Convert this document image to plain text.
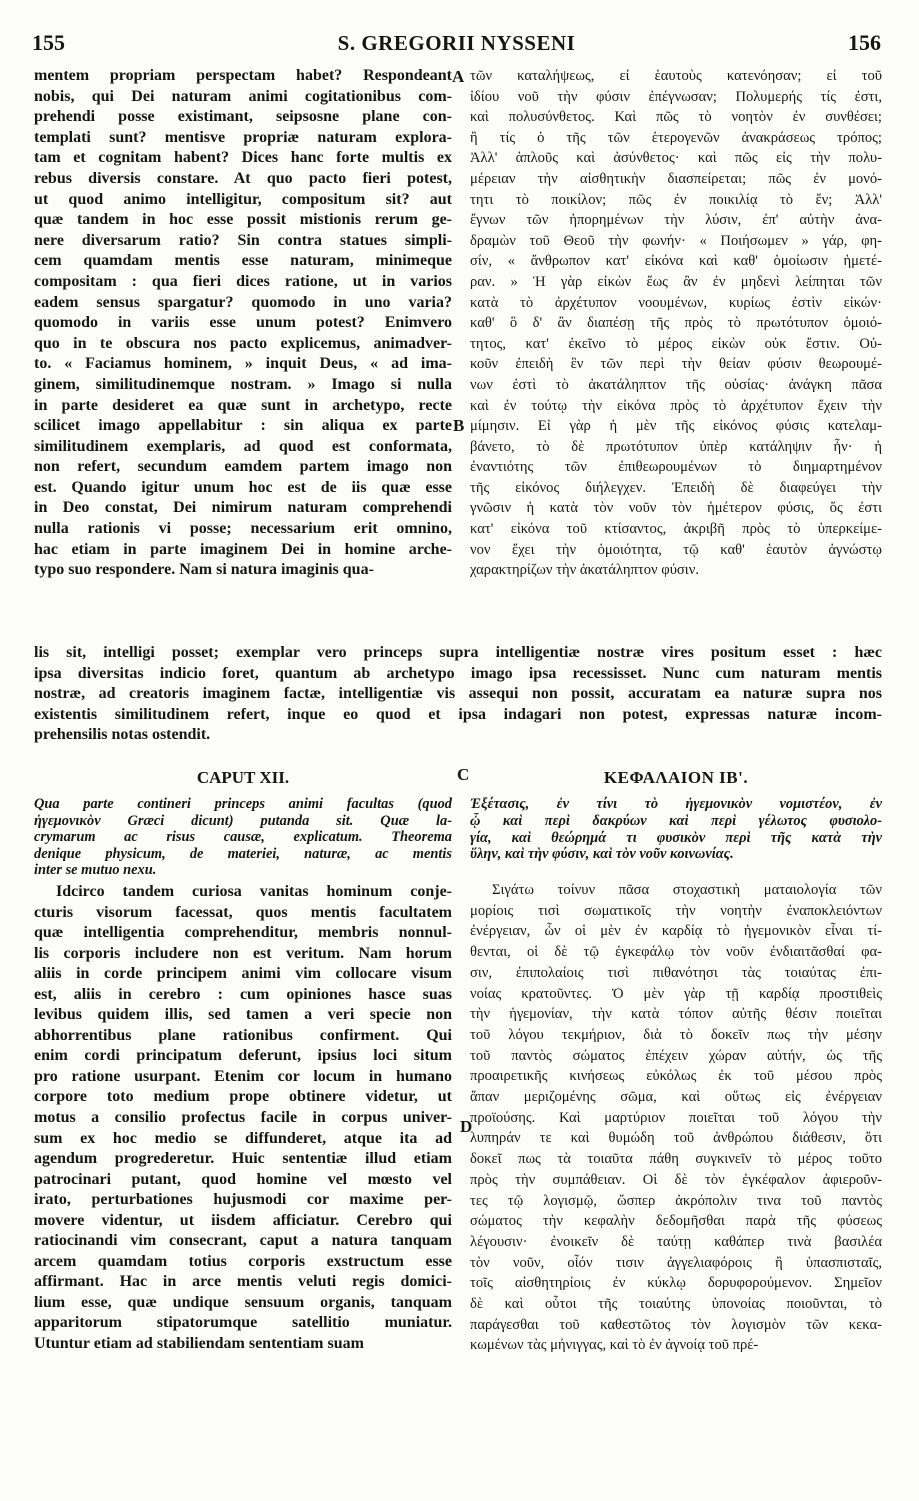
155	S. GREGORII NYSSENI	156
A
B
C
D
mentem propriam perspectam habet? Respondeant
nobis, qui Dei naturam animi cogitationibus com-
prehendi posse existimant, seipsosne plane con-
templati sunt? mentisve propriæ naturam explora-
tam et cognitam habent? Dices hanc forte multis ex
rebus diversis constare. At quo pacto fieri potest,
ut quod animo intelligitur, compositum sit? aut
quæ tandem in hoc esse possit mistionis rerum ge-
nere diversarum ratio? Sin contra statues simpli-
cem quamdam mentis esse naturam, minimeque
compositam : qua fieri dices ratione, ut in varios
eadem sensus spargatur? quomodo in uno varia?
quomodo in variis esse unum potest? Enimvero
quo in te obscura nos pacto explicemus, animadver-
to. « Faciamus hominem, » inquit Deus, « ad ima-
ginem, similitudinemque nostram. » Imago si nulla
in parte desideret ea quæ sunt in archetypo, recte
scilicet imago appellabitur : sin aliqua ex parte
similitudinem exemplaris, ad quod est conformata,
non refert, secundum eamdem partem imago non
est. Quando igitur unum hoc est de iis quæ esse
in Deo constat, Dei nimirum naturam comprehendi
nulla rationis vi posse; necessarium erit omnino,
hac etiam in parte imaginem Dei in homine arche-
typo suo respondere. Nam si natura imaginis qua-
τῶν καταλήψεως, εἰ ἑαυτοὺς κατενόησαν; εἰ τοῦ
ἰδίου νοῦ τὴν φύσιν ἐπέγνωσαν; Πολυμερής τίς ἐστι,
καὶ πολυσύνθετος. Καὶ πῶς τὸ νοητὸν ἐν συνθέσει;
ἢ τίς ὁ τῆς τῶν ἑτερογενῶν ἀνακράσεως τρόπος;
Ἀλλ' ἁπλοῦς καὶ ἀσύνθετος· καὶ πῶς εἰς τὴν πολυ-
μέρειαν τὴν αἰσθητικὴν διασπείρεται; πῶς ἐν μονό-
τητι τὸ ποικίλον; πῶς ἐν ποικιλίᾳ τὸ ἕν; Ἀλλ'
ἔγνων τῶν ἠπορημένων τὴν λύσιν, ἐπ' αὐτὴν ἀνα-
δραμὼν τοῦ Θεοῦ τὴν φωνήν· « Ποιήσωμεν » γάρ, φη-
σίν, « ἄνθρωπον κατ' εἰκόνα καὶ καθ' ὁμοίωσιν ἡμετέ-
ραν. » Ἡ γὰρ εἰκὼν ἕως ἂν ἐν μηδενὶ λείπηται τῶν
κατὰ τὸ ἀρχέτυπον νοουμένων, κυρίως ἐστὶν εἰκών·
καθ' ὃ δ' ἂν διαπέσῃ τῆς πρὸς τὸ πρωτότυπον ὁμοιό-
τητος, κατ' ἐκεῖνο τὸ μέρος εἰκὼν οὐκ ἔστιν. Οὐ-
κοῦν ἐπειδὴ ἓν τῶν περὶ τὴν θείαν φύσιν θεωρουμέ-
νων ἐστὶ τὸ ἀκατάληπτον τῆς οὐσίας· ἀνάγκη πᾶσα
καὶ ἐν τούτῳ τὴν εἰκόνα πρὸς τὸ ἀρχέτυπον ἔχειν τὴν
μίμησιν. Εἰ γὰρ ἡ μὲν τῆς εἰκόνος φύσις κατελαμ-
βάνετο, τὸ δὲ πρωτότυπον ὑπὲρ κατάληψιν ἦν· ἡ
ἐναντιότης τῶν ἐπιθεωρουμένων τὸ διημαρτημένον
τῆς εἰκόνος διήλεγχεν. Ἐπειδὴ δὲ διαφεύγει τὴν
γνῶσιν ἡ κατὰ τὸν νοῦν τὸν ἡμέτερον φύσις, ὅς ἐστι
κατ' εἰκόνα τοῦ κτίσαντος, ἀκριβῆ πρὸς τὸ ὑπερκείμε-
νον ἔχει τὴν ὁμοιότητα, τῷ καθ' ἑαυτὸν ἀγνώστῳ
χαρακτηρίζων τὴν ἀκατάληπτον φύσιν.
lis sit, intelligi posset; exemplar vero princeps supra intelligentiæ nostræ vires positum esset : hæc
ipsa diversitas indicio foret, quantum ab archetypo imago ipsa recessisset. Nunc cum naturam mentis
nostræ, ad creatoris imaginem factæ, intelligentiæ vis assequi non possit, accuratam ea naturæ supra nos
existentis similitudinem refert, inque eo quod et ipsa indagari non potest, expressas naturæ incom-
prehensilis notas ostendit.
CAPUT XII.	ΚΕΦΑΛΑΙΟΝ ΙΒ'.
Qua parte contineri princeps animi facultas (quod
ἡγεμονικὸν Græci dicunt) putanda sit. Quæ la-
crymarum ac risus causæ, explicatum. Theorema
denique physicum, de materiei, naturæ, ac mentis
inter se mutuo nexu.
Ἐξέτασις, ἐν τίνι τὸ ἡγεμονικὸν νομιστέον, ἐν
ᾧ καὶ περὶ δακρύων καὶ περὶ γέλωτος φυσιολο-
γία, καὶ θεώρημά τι φυσικὸν περὶ τῆς κατὰ τὴν
ὕλην, καὶ τὴν φύσιν, καὶ τὸν νοῦν κοινωνίας.
Idcirco tandem curiosa vanitas hominum conje-
cturis visorum facessat, quos mentis facultatem
quæ intelligentia comprehenditur, membris nonnul-
lis corporis includere non est veritum. Nam horum
aliis in corde principem animi vim collocare visum
est, aliis in cerebro : cum opiniones hasce suas
levibus quidem illis, sed tamen a veri specie non
abhorrentibus plane rationibus confirment. Qui
enim cordi principatum deferunt, ipsius loci situm
pro ratione usurpant. Etenim cor locum in humano
corpore toto medium prope obtinere videtur, ut
motus a consilio profectus facile in corpus univer-
sum ex hoc medio se diffunderet, atque ita ad
agendum progrederetur. Huic sententiæ illud etiam
patrocinari putant, quod homine vel mœsto vel
irato, perturbationes hujusmodi cor maxime per-
movere videntur, ut iisdem afficiatur. Cerebro qui
ratiocinandi vim consecrant, caput a natura tanquam
arcem quamdam totius corporis exstructum esse
affirmant. Hac in arce mentis veluti regis domici-
lium esse, quæ undique sensuum organis, tanquam
apparitorum stipatorumque satellitio muniatur.
Utuntur etiam ad stabiliendam sententiam suam
Σιγάτω τοίνυν πᾶσα στοχαστικὴ ματαιολογία τῶν
μορίοις τισὶ σωματικοῖς τὴν νοητὴν ἐναποκλειόντων
ἐνέργειαν, ὧν οἱ μὲν ἐν καρδίᾳ τὸ ἡγεμονικὸν εἶναι τί-
θενται, οἱ δὲ τῷ ἐγκεφάλῳ τὸν νοῦν ἐνδιαιτᾶσθαί φα-
σιν, ἐπιπολαίοις τισὶ πιθανότησι τὰς τοιαύτας ἐπι-
νοίας κρατοῦντες. Ὁ μὲν γὰρ τῇ καρδίᾳ προστιθεὶς
τὴν ἡγεμονίαν, τὴν κατὰ τόπον αὐτῆς θέσιν ποιεῖται
τοῦ λόγου τεκμήριον, διὰ τὸ δοκεῖν πως τὴν μέσην
τοῦ παντὸς σώματος ἐπέχειν χώραν αὐτήν, ὡς τῆς
προαιρετικῆς κινήσεως εὐκόλως ἐκ τοῦ μέσου πρὸς
ἅπαν μεριζομένης σῶμα, καὶ οὕτως εἰς ἐνέργειαν
προϊούσης. Καὶ μαρτύριον ποιεῖται τοῦ λόγου τὴν
λυπηράν τε καὶ θυμώδη τοῦ ἀνθρώπου διάθεσιν, ὅτι
δοκεῖ πως τὰ τοιαῦτα πάθη συγκινεῖν τὸ μέρος τοῦτο
πρὸς τὴν συμπάθειαν. Οἱ δὲ τὸν ἐγκέφαλον ἀφιεροῦν-
τες τῷ λογισμῷ, ὥσπερ ἀκρόπολιν τινα τοῦ παντὸς
σώματος τὴν κεφαλὴν δεδομῆσθαι παρὰ τῆς φύσεως
λέγουσιν· ἐνοικεῖν δὲ ταύτῃ καθάπερ τινὰ βασιλέα
τὸν νοῦν, οἷόν τισιν ἀγγελιαφόροις ἢ ὑπασπισταῖς,
τοῖς αἰσθητηρίοις ἐν κύκλῳ δορυφορούμενον. Σημεῖον
δὲ καὶ οὗτοι τῆς τοιαύτης ὑπονοίας ποιοῦνται, τὸ
παράγεσθαι τοῦ καθεστῶτος τὸν λογισμὸν τῶν κεκα-
κωμένων τὰς μήνιγγας, καὶ τὸ ἐν ἀγνοίᾳ τοῦ πρέ-
